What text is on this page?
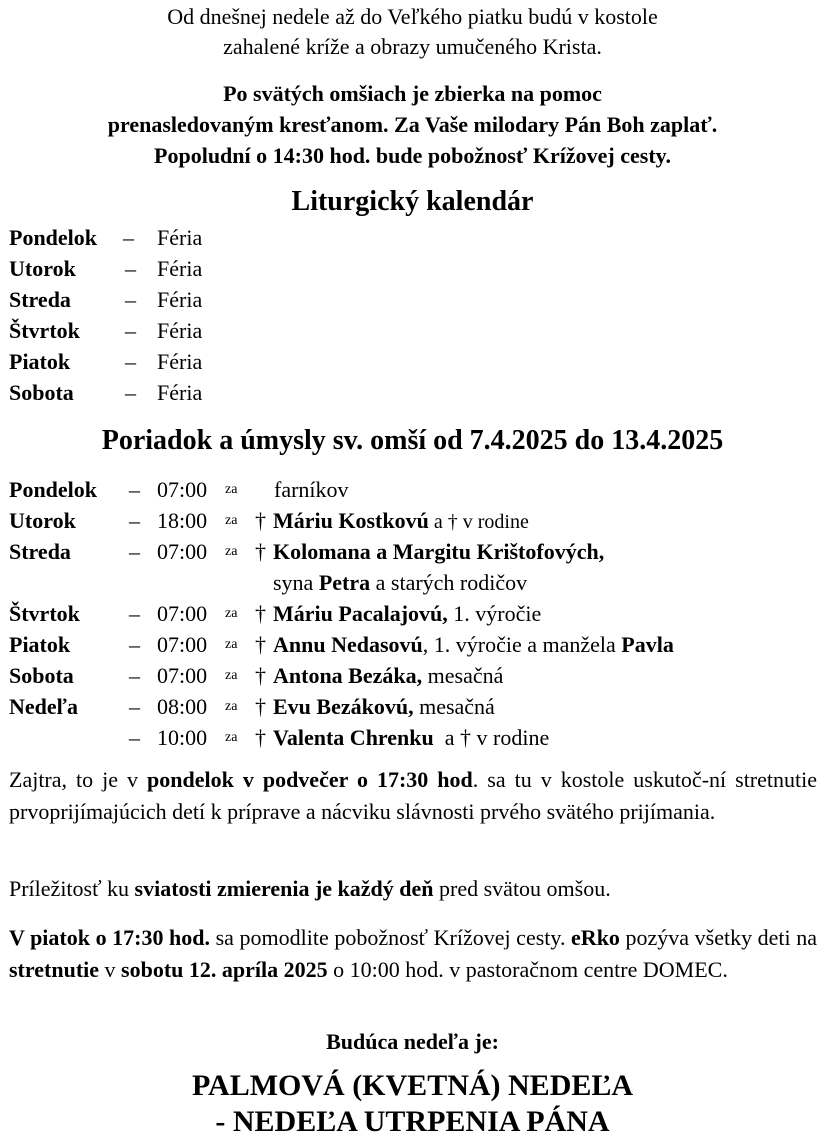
Od dnešnej nedele až do Veľkého piatku budú v kostole
zahalené kríže a obrazy umučeného Krista.
Po svätých omšiach je zbierka na pomoc
prenasledovaným kresťanom. Za Vaše milodary Pán Boh zaplať.
Popoludní o 14:30 hod. bude pobožnosť Krížovej cesty.
Liturgický kalendár
Pondelok – Féria
Utorok – Féria
Streda – Féria
Štvrtok – Féria
Piatok – Féria
Sobota – Féria
Poriadok a úmysly sv. omší od 7.4.2025 do 13.4.2025
Pondelok – 07:00 za farníkov
Utorok – 18:00 za † Máriu Kostkovú a † v rodine
Streda	– 07:00 za † Kolomana a Margitu Krištofových,
syna Petra a starých rodičov
Štvrtok – 07:00 za † Máriu Pacalajovú, 1. výročie
Piatok	– 07:00 za † Annu Nedasovú, 1. výročie a manžela Pavla
Sobota	– 07:00 za † Antona Bezáka, mesačná
Nedeľa – 08:00 za † Evu Bezákovú, mesačná
– 10:00 za † Valenta Chrenku  a † v rodine
Zajtra, to je v pondelok v podvečer o 17:30 hod. sa tu v kostole uskutoč-ní stretnutie prvoprijímajúcich detí k príprave a nácviku slávnosti prvého svätého prijímania.
Príležitosť ku sviatosti zmierenia je každý deň pred svätou omšou.
V piatok o 17:30 hod. sa pomodlite pobožnosť Krížovej cesty. eRko pozýva všetky deti na stretnutie v sobotu 12. apríla 2025 o 10:00 hod. v pastoračnom centre DOMEC.
Budúca nedeľa je:
PALMOVÁ (KVETNÁ) NEDEĽA
- NEDEĽA UTRPENIA PÁNA
